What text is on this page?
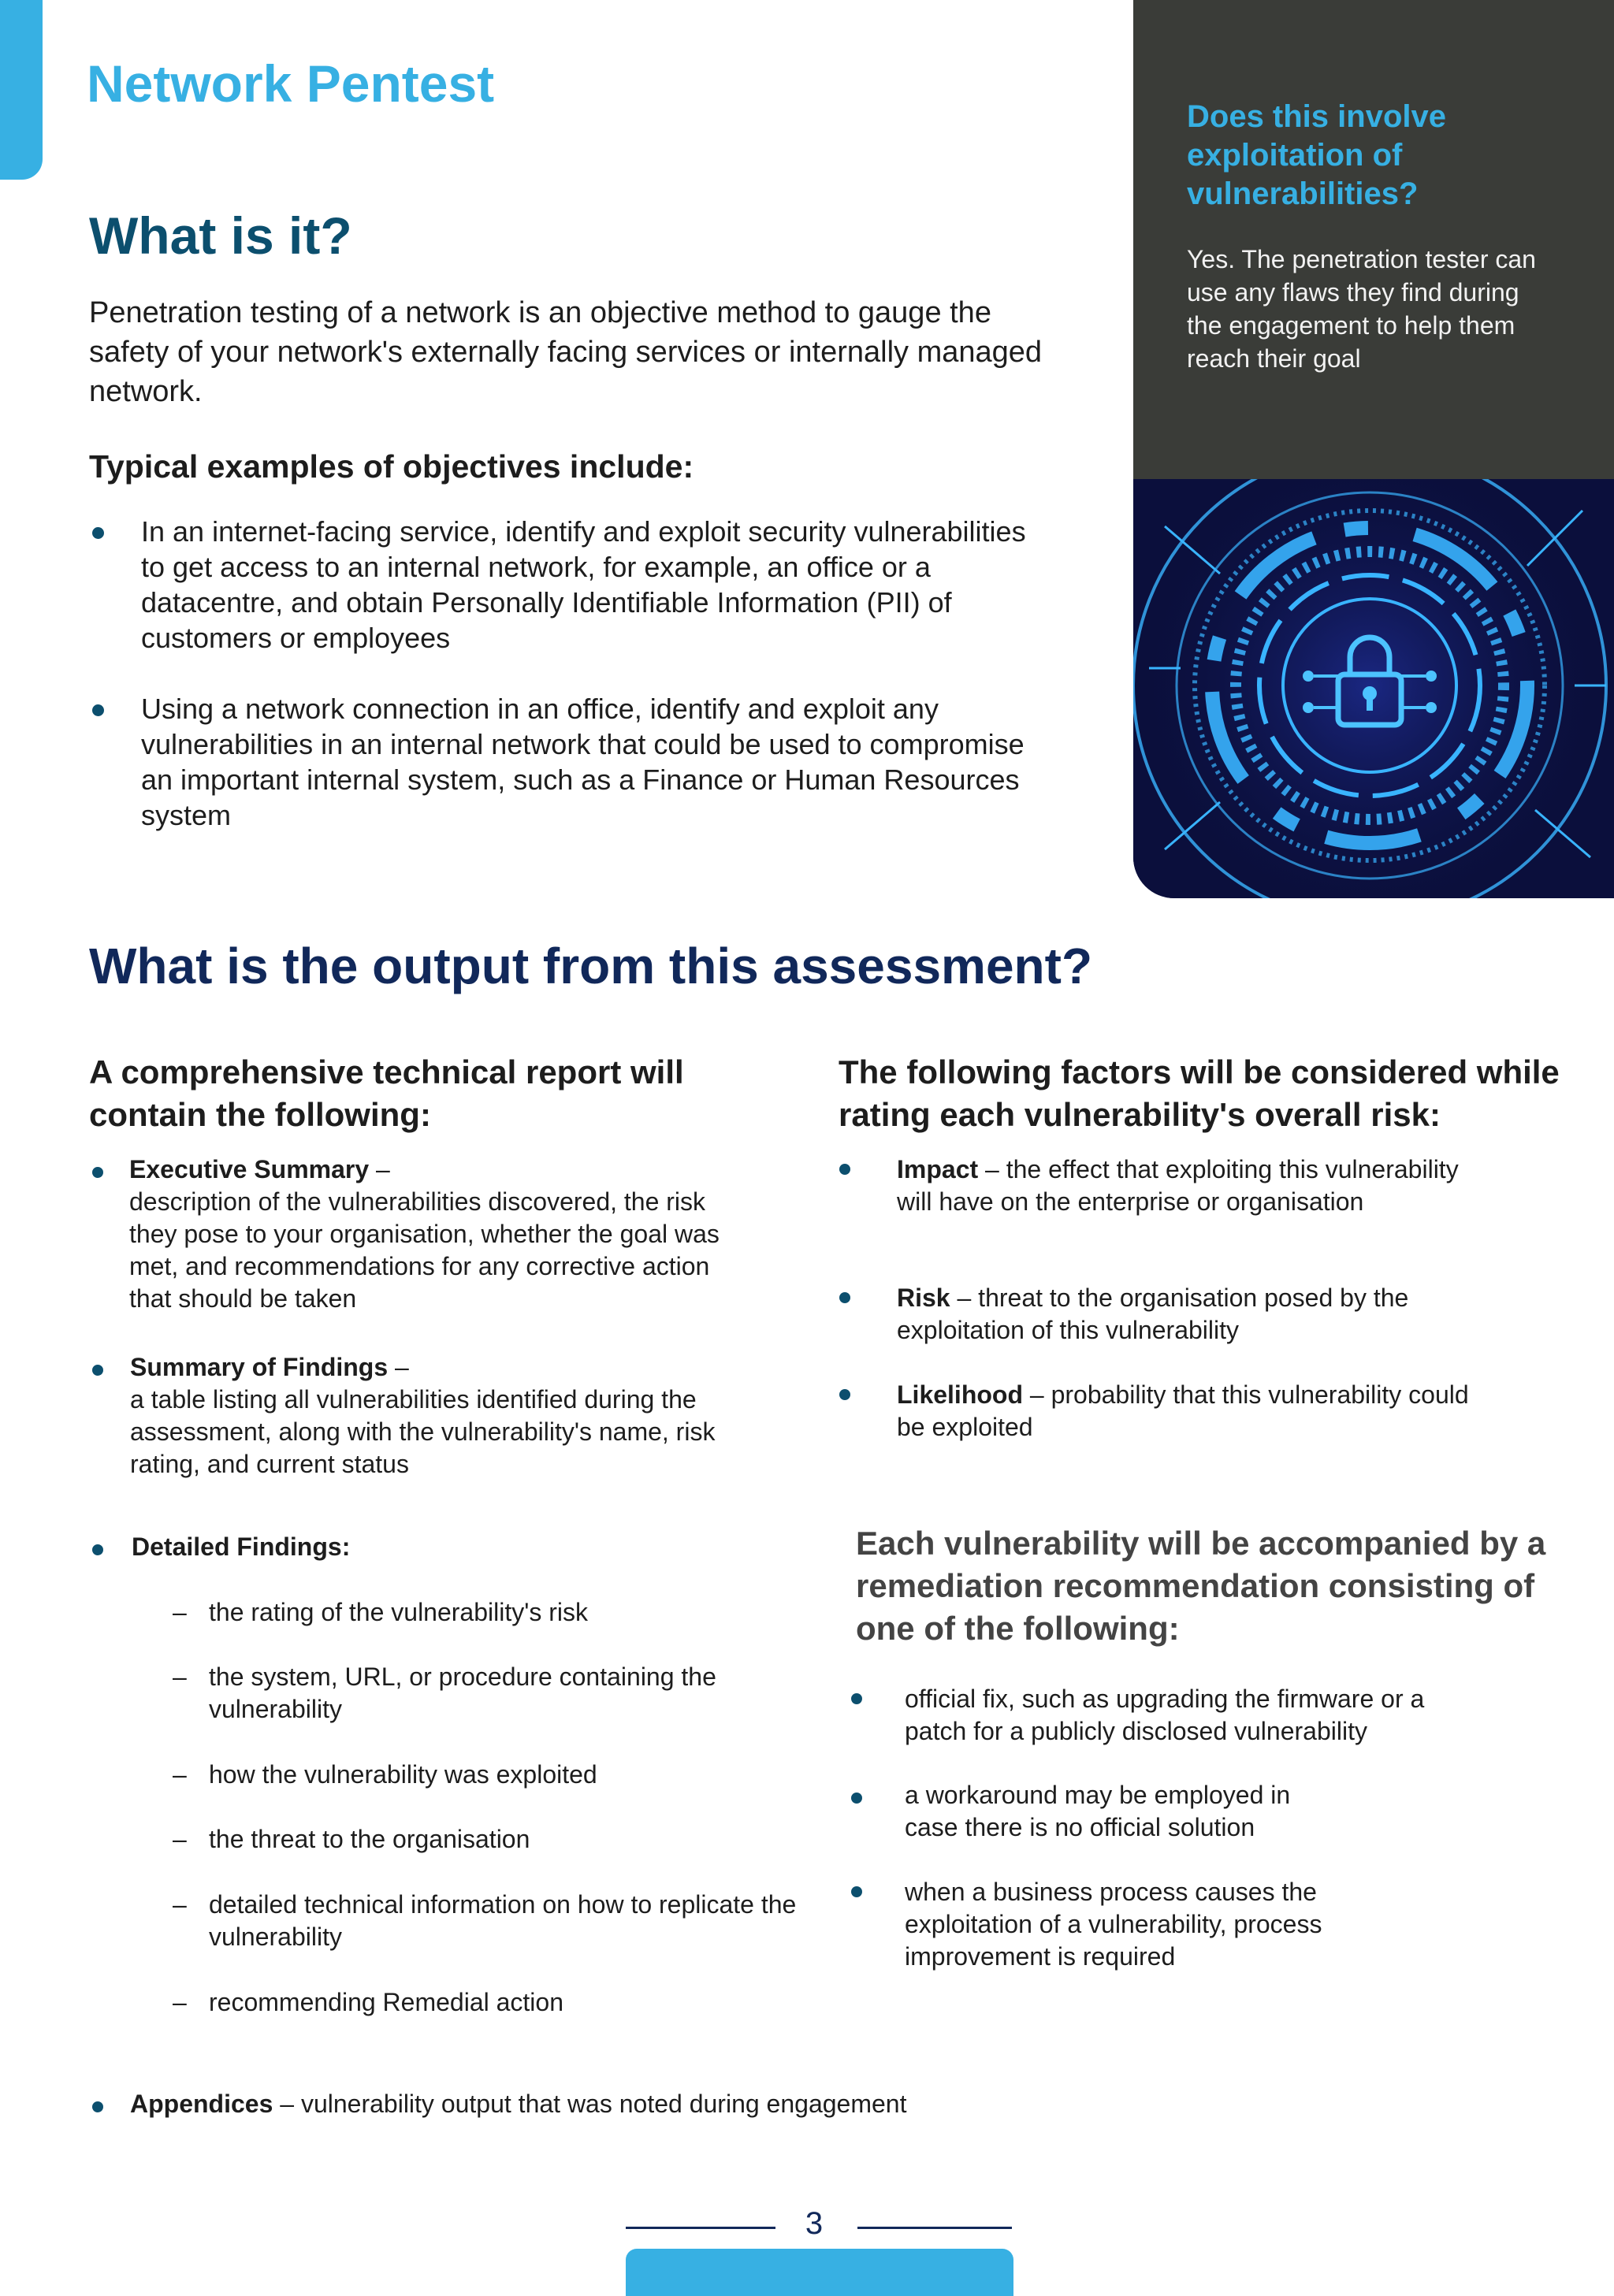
Network Pentest
What is it?

Penetration testing of a network is an objective method to gauge the safety of your network's externally facing services or internally managed network.

Typical examples of objectives include:
In an internet-facing service, identify and exploit security vulnerabilities to get access to an internal network, for example, an office or a datacentre, and obtain Personally Identifiable Information (PII) of customers or employees
Using a network connection in an office, identify and exploit any vulnerabilities in an internal network that could be used to compromise an important internal system, such as a Finance or Human Resources system

Does this involve exploitation of vulnerabilities?

Yes. The penetration tester can use any flaws they find during the engagement to help them reach their goal

What is the output from this assessment?
A comprehensive technical report will contain the following:
Executive Summary –
description of the vulnerabilities discovered, the risk they pose to your organisation, whether the goal was met, and recommendations for any corrective action that should be taken
Summary of Findings –
a table listing all vulnerabilities identified during the assessment, along with the vulnerability's name, risk rating, and current status
Detailed Findings:
– the rating of the vulnerability's risk
– the system, URL, or procedure containing the vulnerability
– how the vulnerability was exploited
– the threat to the organisation
– detailed technical information on how to replicate the vulnerability
– recommending Remedial action
Appendices – vulnerability output that was noted during engagement
The following factors will be considered while rating each vulnerability's overall risk:
Impact – the effect that exploiting this vulnerability will have on the enterprise or organisation
Risk – threat to the organisation posed by the exploitation of this vulnerability
Likelihood – probability that this vulnerability could be exploited
Each vulnerability will be accompanied by a remediation recommendation consisting of one of the following:
official fix, such as upgrading the firmware or a patch for a publicly disclosed vulnerability
a workaround may be employed in case there is no official solution
when a business process causes the exploitation of a vulnerability, process improvement is required
3
